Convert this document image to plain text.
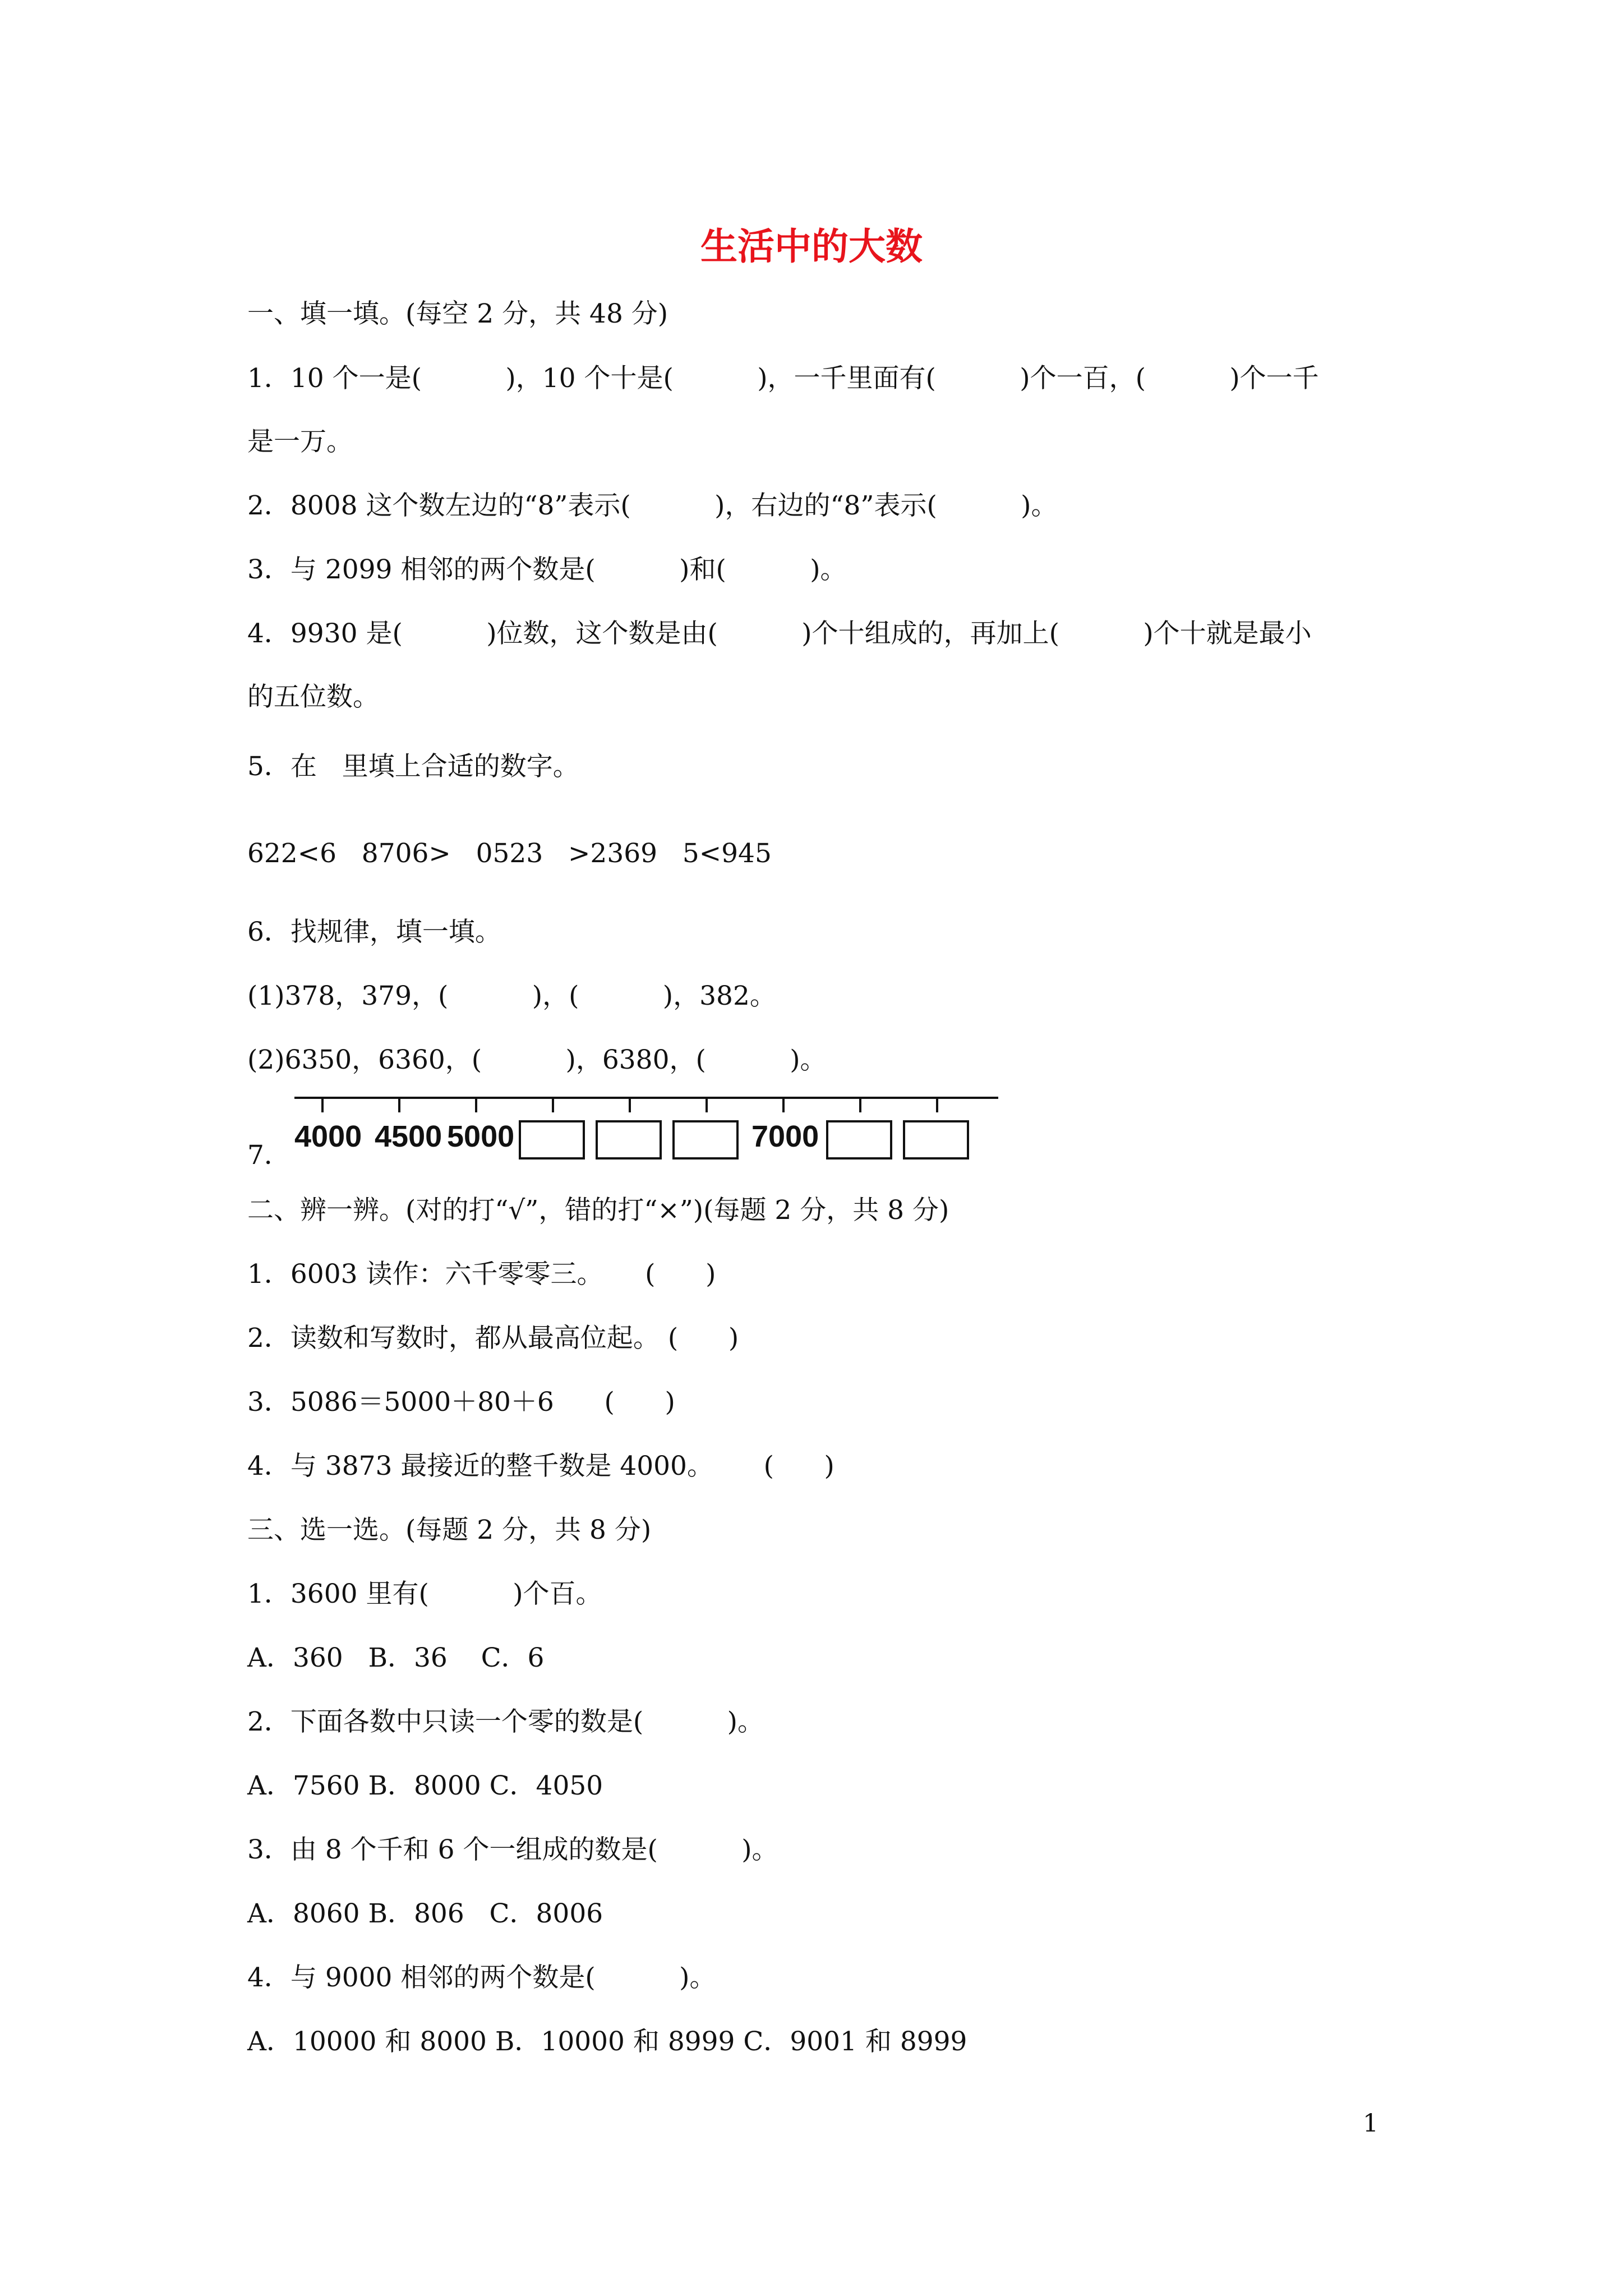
生活中的大数
一、填一填。(每空 2 分，共 48 分)
1．10 个一是(          )，10 个十是(          )，一千里面有(          )个一百，(          )个一千
是一万。
2．8008 这个数左边的“8”表示(          )，右边的“8”表示(          )。
3．与 2099 相邻的两个数是(          )和(          )。
4．9930 是(          )位数，这个数是由(          )个十组成的，再加上(          )个十就是最小
的五位数。
5．在   里填上合适的数字。
622<6   8706>   0523   >2369   5<945
6．找规律，填一填。
(1)378，379，(          )，(          )，382。
(2)6350，6360，(          )，6380，(          )。
7．
4000 4500 5000	7000
二、辨一辨。(对的打“√”，错的打“×”)(每题 2 分，共 8 分)
1．6003 读作：六千零零三。     (      )
2．读数和写数时，都从最高位起。 (      )
3．5086＝5000＋80＋6      (      )
4．与 3873 最接近的整千数是 4000。      (      )
三、选一选。(每题 2 分，共 8 分)
1．3600 里有(          )个百。
A．360   B．36    C．6
2．下面各数中只读一个零的数是(          )。
A．7560 B．8000 C．4050
3．由 8 个千和 6 个一组成的数是(          )。
A．8060 B．806   C．8006
4．与 9000 相邻的两个数是(          )。
A．10000 和 8000 B．10000 和 8999 C．9001 和 8999
1
